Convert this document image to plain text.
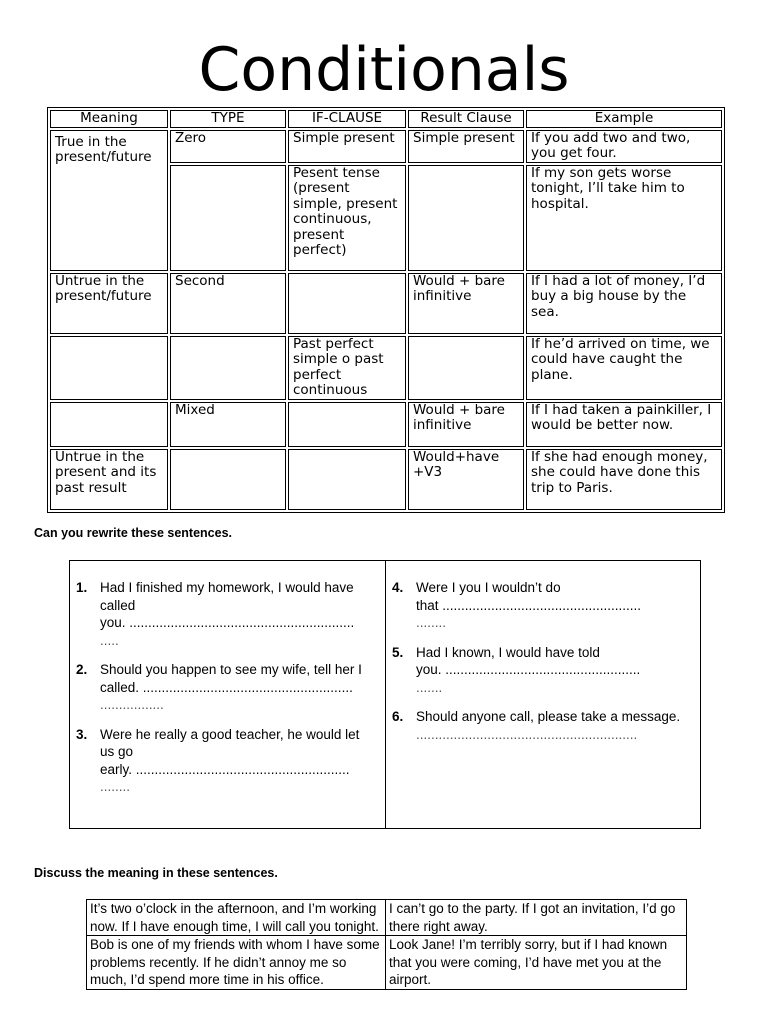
Conditionals
Meaning	TYPE	IF-CLAUSE	Result Clause	Example

True in the present/future	Zero	Simple present	Simple present	If you add two and two, you get four.
		Pesent tense (present simple, present continuous, present perfect)		If my son gets worse tonight, I’ll take him to hospital.
Untrue in the present/future	Second		Would + bare infinitive	If I had a lot of money, I’d buy a big house by the sea.
		Past perfect simple o past perfect continuous		If he’d arrived on time, we could have caught the plane.
	Mixed		Would + bare infinitive	If I had taken a painkiller, I would be better now.
Untrue in the present and its past result			Would+have +V3	If she had enough money, she could have done this trip to Paris.
Can you rewrite these sentences.
1. Had I finished my homework, I would have called
you. ............................................................
.....
2. Should you happen to see my wife, tell her I
called. ........................................................
.................
3. Were he really a good teacher, he would let us go
early. .........................................................
........
4. Were I you I wouldn’t do
that .....................................................
........
5. Had I known, I would have told
you. ....................................................
.......
6. Should anyone call, please take a message.
...........................................................
Discuss the meaning in these sentences.
It’s two o’clock in the afternoon, and I’m working now. If I have enough time, I will call you tonight.	I can’t go to the party. If I got an invitation, I’d go there right away.
Bob is one of my friends with whom I have some problems recently. If he didn’t annoy me so much, I’d spend more time in his office.	Look Jane! I’m terribly sorry, but if I had known that you were coming, I’d have met you at the airport.
